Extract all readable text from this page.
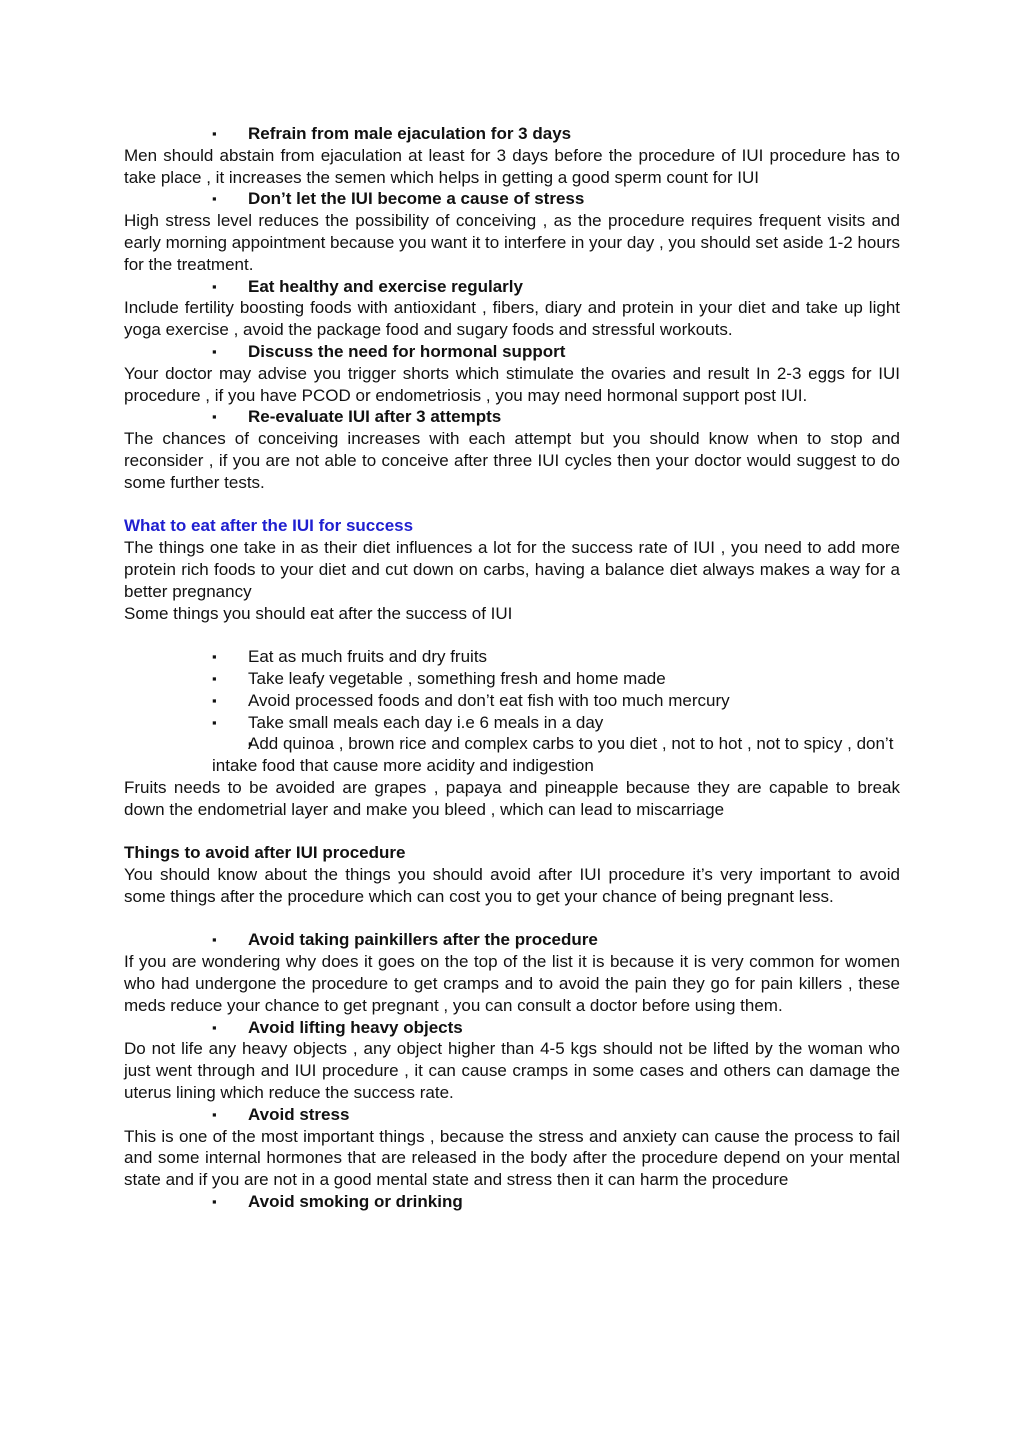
▪ Refrain from male ejaculation for 3 days
Men should abstain from ejaculation at least for 3 days before the procedure of IUI procedure has to take place , it increases the semen which helps in getting a good sperm count for IUI
▪ Don’t let the IUI become a cause of stress
High stress level reduces the possibility of conceiving , as the procedure requires frequent visits and early morning appointment because you want it to interfere in your day , you should set aside 1-2 hours for the treatment.
▪ Eat healthy and exercise regularly
Include fertility boosting foods with antioxidant , fibers, diary and protein in your diet and take up light yoga exercise , avoid the package food and sugary foods and stressful workouts.
▪ Discuss the need for hormonal support
Your doctor may advise you trigger shorts which stimulate the ovaries and result In 2-3 eggs for IUI procedure , if you have PCOD or endometriosis , you may need hormonal support post IUI.
▪ Re-evaluate IUI after 3 attempts
The chances of conceiving increases with each attempt but you should know when to stop and reconsider , if you are not able to conceive after three IUI cycles then your doctor would suggest to do some further tests.
What to eat after the IUI for success
The things one take in as their diet influences a lot for the success rate of IUI , you need to add more protein rich foods to your diet and cut down on carbs, having a balance diet always makes a way for a better pregnancy
Some things you should eat after the success of IUI
▪ Eat as much fruits and dry fruits
▪ Take leafy vegetable , something fresh and home made
▪ Avoid processed foods and don’t eat fish with too much mercury
▪ Take small meals each day i.e 6 meals in a day
▪ Add quinoa , brown rice and complex carbs to you diet , not to hot , not to spicy , don’t intake food that cause more acidity and indigestion
Fruits needs to be avoided are grapes , papaya and pineapple because they are capable to break down the endometrial layer and make you bleed , which can lead to miscarriage
Things to avoid after IUI procedure
You should know about the things you should avoid after IUI procedure it’s very important to avoid some things after the procedure which can cost you to get your chance of being pregnant less.
▪ Avoid taking painkillers after the procedure
If you are wondering why does it goes on the top of the list it is because it is very common for women who had undergone the procedure to get cramps and to avoid the pain they go for pain killers , these meds reduce your chance to get pregnant , you can consult a doctor before using them.
▪ Avoid lifting heavy objects
Do not life any heavy objects , any object higher than 4-5 kgs should not be lifted by the woman who just went through and IUI procedure , it can cause cramps in some cases and others can damage the uterus lining which reduce the success rate.
▪ Avoid stress
This is one of the most important things , because the stress and anxiety can cause the process to fail and some internal hormones that are released in the body after the procedure depend on your mental state and if you are not in a good mental state and stress then it can harm the procedure
▪ Avoid smoking or drinking
